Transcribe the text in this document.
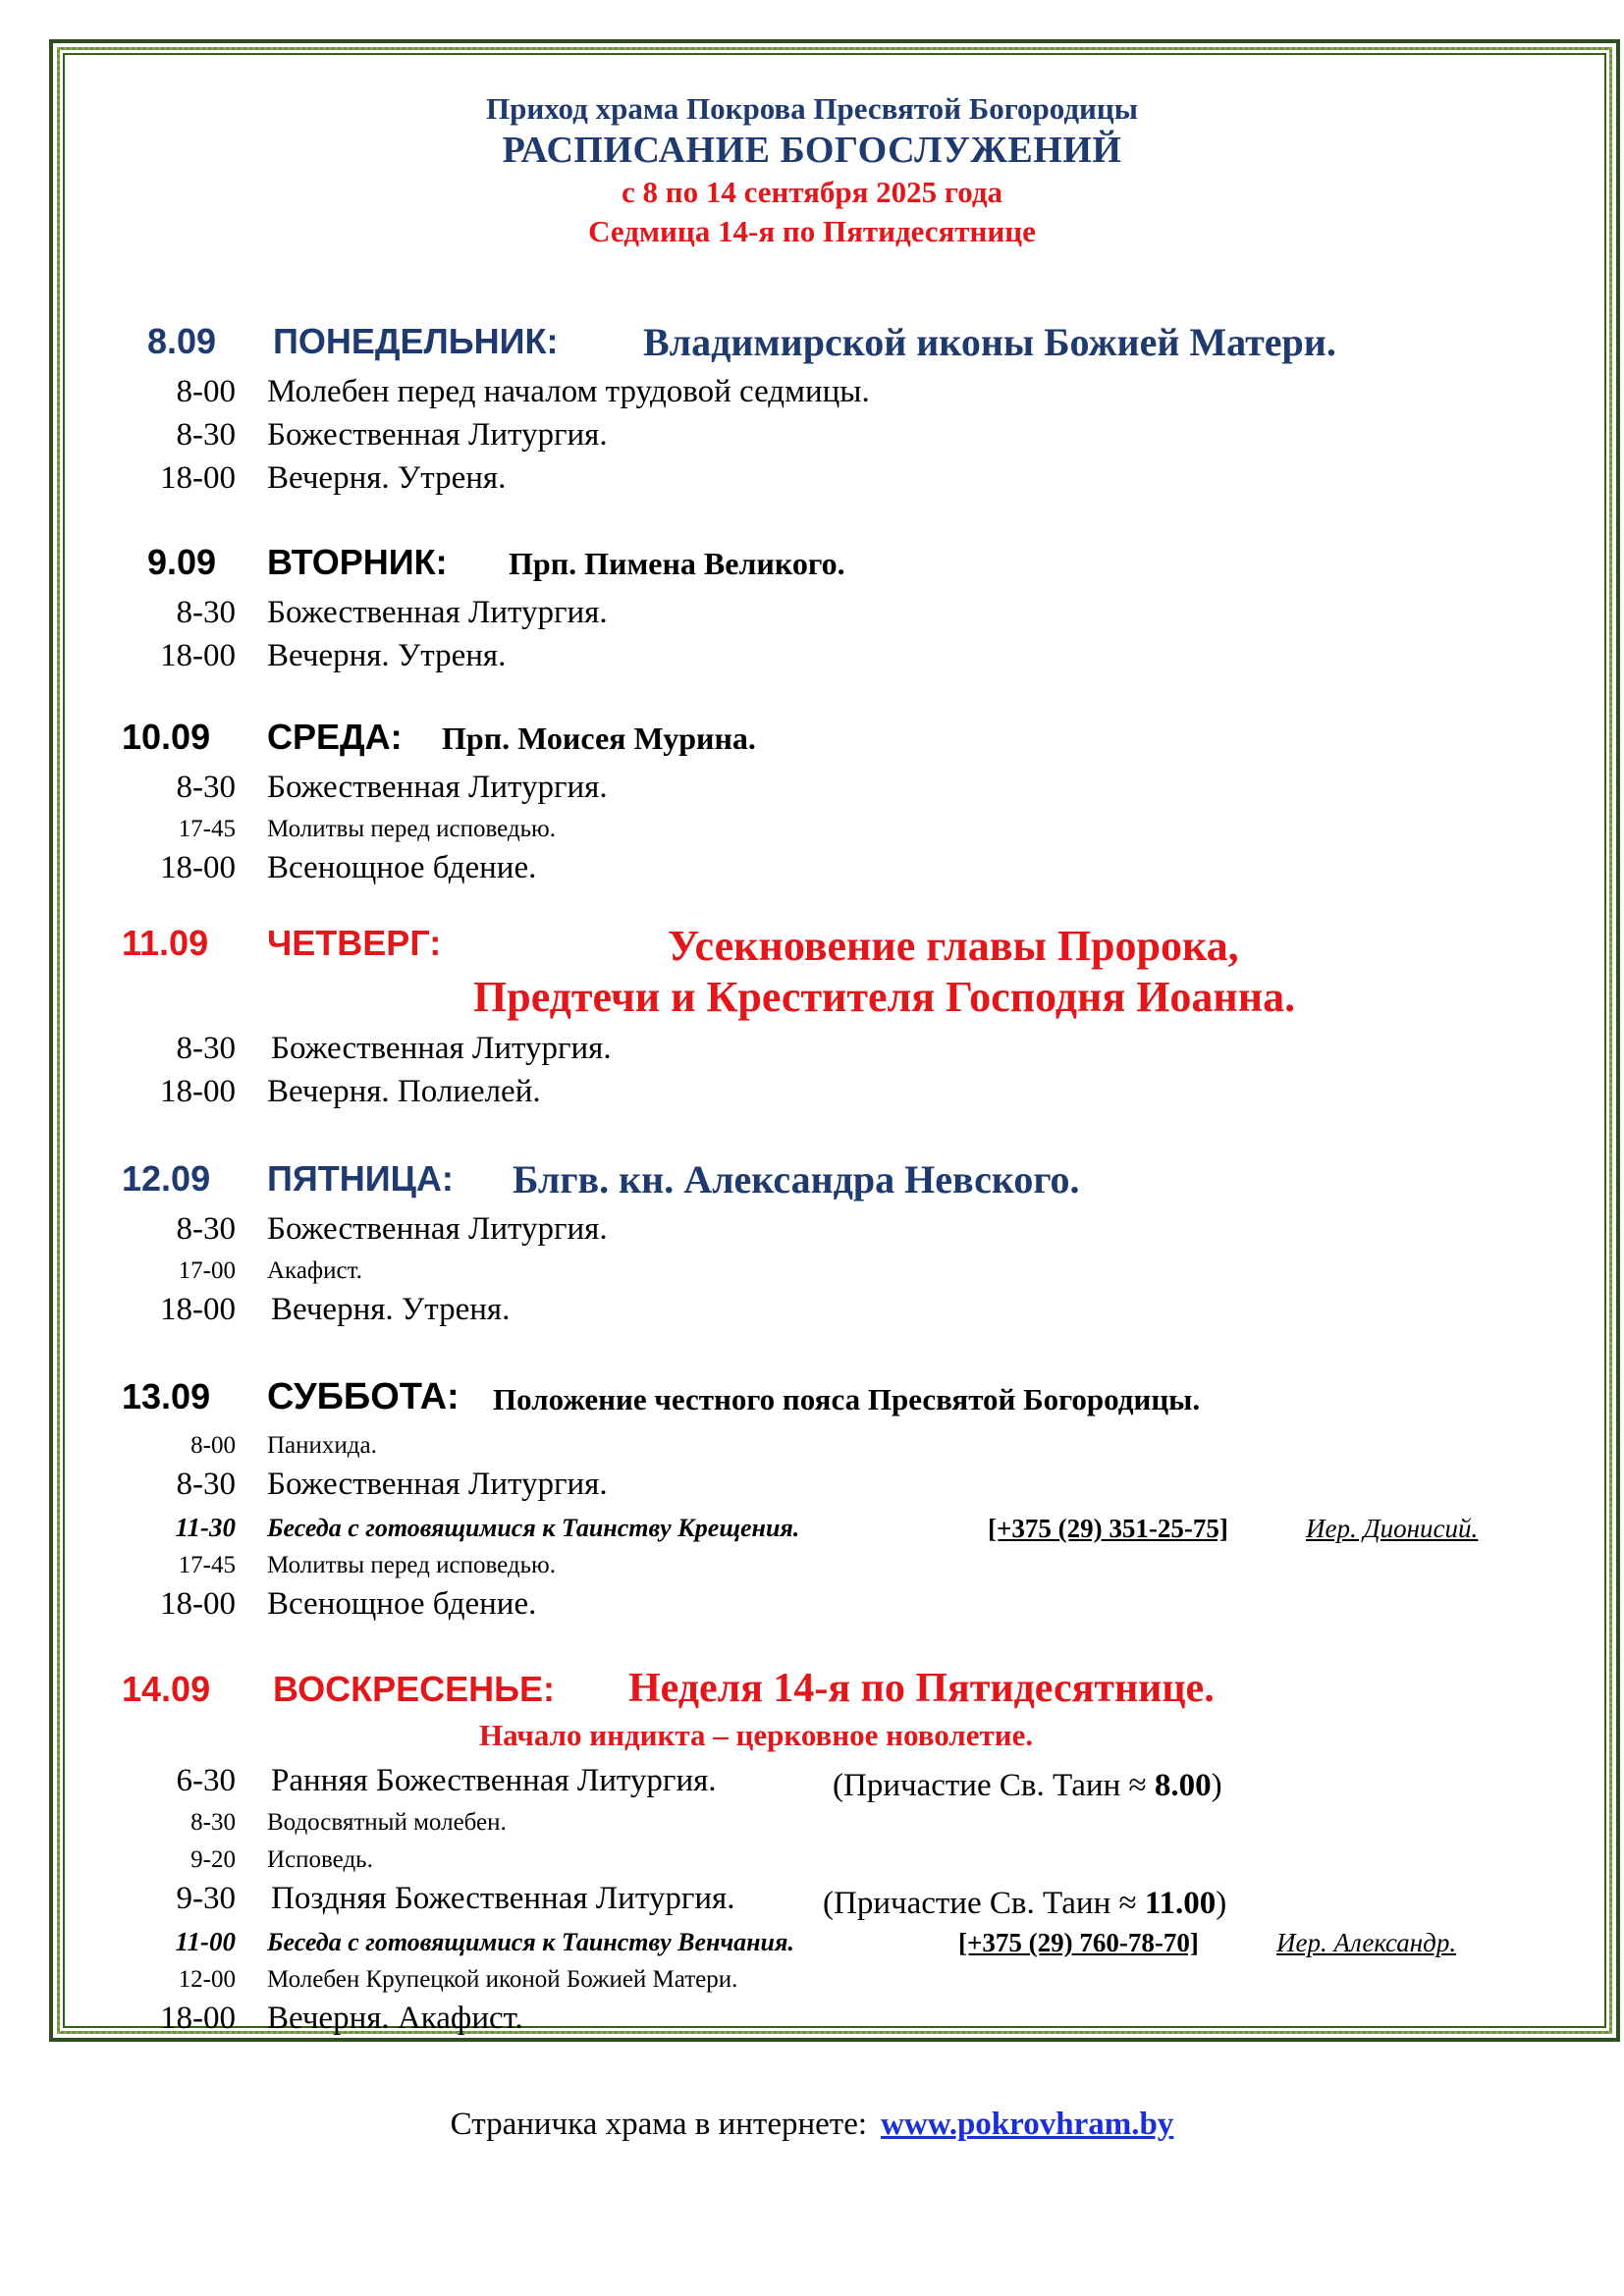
Приход храма Покрова Пресвятой Богородицы
РАСПИСАНИЕ БОГОСЛУЖЕНИЙ
с 8 по 14 сентября 2025 года
Седмица 14-я по Пятидесятнице
8.09 ПОНЕДЕЛЬНИК: Владимирской иконы Божией Матери.
8-00 Молебен перед началом трудовой седмицы.
8-30 Божественная Литургия.
18-00 Вечерня. Утреня.
9.09 ВТОРНИК: Прп. Пимена Великого.
8-30 Божественная Литургия.
18-00 Вечерня. Утреня.
10.09 СРЕДА: Прп. Моисея Мурина.
8-30 Божественная Литургия.
17-45 Молитвы перед исповедью.
18-00 Всенощное бдение.
11.09 ЧЕТВЕРГ:	Усекновение главы Пророка,
Предтечи и Крестителя Господня Иоанна.
8-30 Божественная Литургия.
18-00 Вечерня. Полиелей.
12.09 ПЯТНИЦА: Блгв. кн. Александра Невского.
8-30 Божественная Литургия.
17-00 Акафист.
18-00 Вечерня. Утреня.
13.09 СУББОТА: Положение честного пояса Пресвятой Богородицы.
8-00 Панихида.
8-30 Божественная Литургия.
11-30 Беседа с готовящимися к Таинству Крещения.	[+375 (29) 351-25-75]	Иер. Дионисий.
17-45 Молитвы перед исповедью.
18-00 Всенощное бдение.
14.09 ВОСКРЕСЕНЬЕ: Неделя 14-я по Пятидесятнице.
Начало индикта – церковное новолетие.
6-30 Ранняя Божественная Литургия.	(Причастие Св. Таин ≈ 8.00)
8-30 Водосвятный молебен.
9-20 Исповедь.
9-30 Поздняя Божественная Литургия.	(Причастие Св. Таин ≈ 11.00)
11-00 Беседа с готовящимися к Таинству Венчания.	[+375 (29) 760-78-70]	Иер. Александр.
12-00 Молебен Крупецкой иконой Божией Матери.
18-00 Вечерня. Акафист.
Страничка храма в интернете: www.pokrovhram.by
